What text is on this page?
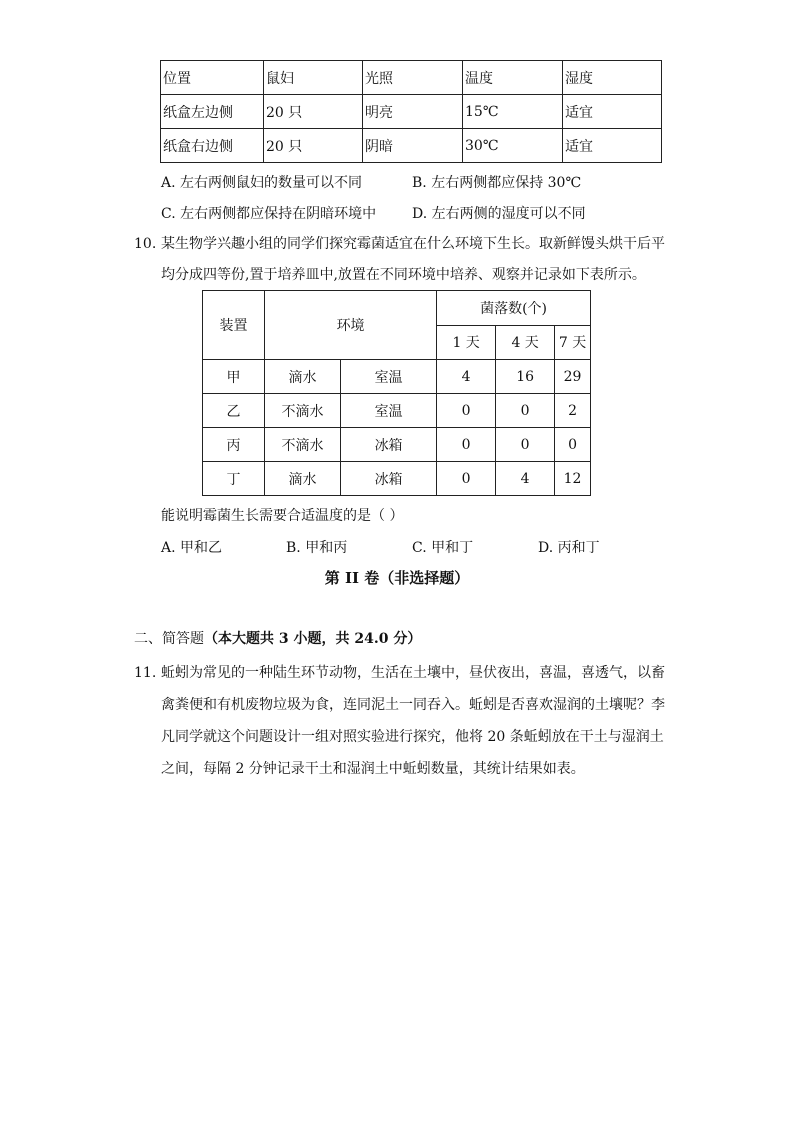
位置	鼠妇	光照	温度	湿度
纸盒左边侧	20 只	明亮	15℃	适宜
纸盒右边侧	20 只	阴暗	30℃	适宜
A. 左右两侧鼠妇的数量可以不同	B. 左右两侧都应保持 30℃
C. 左右两侧都应保持在阴暗环境中	D. 左右两侧的湿度可以不同
10. 某生物学兴趣小组的同学们探究霉菌适宜在什么环境下生长。取新鲜馒头烘干后平
均分成四等份,置于培养皿中,放置在不同环境中培养、观察并记录如下表所示。
装置	环境		菌落数(个)		
			1 天	4 天	7 天
甲	滴水	室温	4	16	29
乙	不滴水	室温	0	0	2
丙	不滴水	冰箱	0	0	0
丁	滴水	冰箱	0	4	12
能说明霉菌生长需要合适温度的是（ ）
A. 甲和乙	B. 甲和丙	C. 甲和丁	D. 丙和丁
第 II 卷（非选择题）
二、简答题（本大题共 3 小题，共 24.0 分）
11. 蚯蚓为常见的一种陆生环节动物，生活在土壤中，昼伏夜出，喜温，喜透气，以畜
禽粪便和有机废物垃圾为食，连同泥土一同吞入。蚯蚓是否喜欢湿润的土壤呢？李
凡同学就这个问题设计一组对照实验进行探究，他将 20 条蚯蚓放在干土与湿润土
之间，每隔 2 分钟记录干土和湿润土中蚯蚓数量，其统计结果如表。
